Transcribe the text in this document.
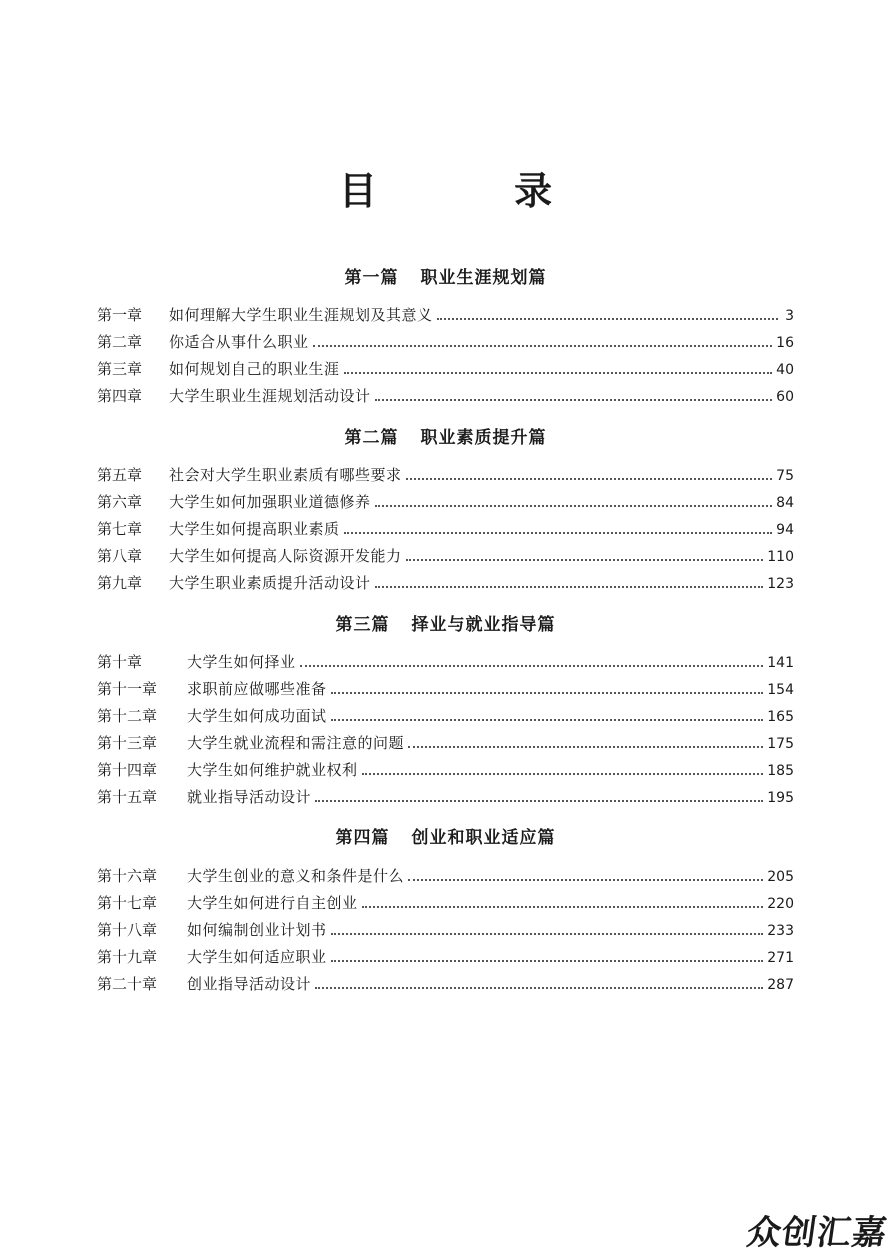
目 录
第一篇 职业生涯规划篇
第一章	如何理解大学生职业生涯规划及其意义	3
第二章	你适合从事什么职业	16
第三章	如何规划自己的职业生涯	40
第四章	大学生职业生涯规划活动设计	60
第二篇 职业素质提升篇
第五章	社会对大学生职业素质有哪些要求	75
第六章	大学生如何加强职业道德修养	84
第七章	大学生如何提高职业素质	94
第八章	大学生如何提高人际资源开发能力	110
第九章	大学生职业素质提升活动设计	123
第三篇 择业与就业指导篇
第十章	大学生如何择业	141
第十一章	求职前应做哪些准备	154
第十二章	大学生如何成功面试	165
第十三章	大学生就业流程和需注意的问题	175
第十四章	大学生如何维护就业权利	185
第十五章	就业指导活动设计	195
第四篇 创业和职业适应篇
第十六章	大学生创业的意义和条件是什么	205
第十七章	大学生如何进行自主创业	220
第十八章	如何编制创业计划书	233
第十九章	大学生如何适应职业	271
第二十章	创业指导活动设计	287
众创汇嘉
